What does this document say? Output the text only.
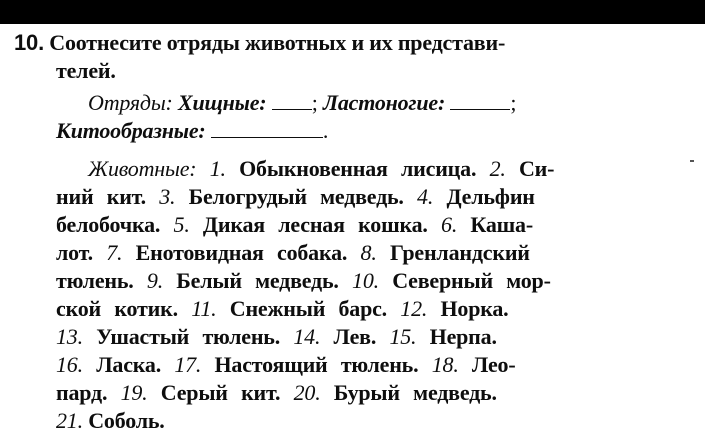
10. Соотнесите отряды животных и их представи-
телей.
Отряды: Хищные: ; Ластоногие:	;
Китообразные:	.
Животные: 1. Обыкновенная лисица. 2. Си-
ний кит. 3. Белогрудый медведь. 4. Дельфин
белобочка. 5. Дикая лесная кошка. 6. Каша-
лот. 7. Енотовидная собака. 8. Гренландский
тюлень. 9. Белый медведь. 10. Северный мор-
ской котик. 11. Снежный барс. 12. Норка.
13. Ушастый тюлень. 14. Лев. 15. Нерпа.
16. Ласка. 17. Настоящий тюлень. 18. Лео-
пард. 19. Серый кит. 20. Бурый медведь.
21. Соболь.
